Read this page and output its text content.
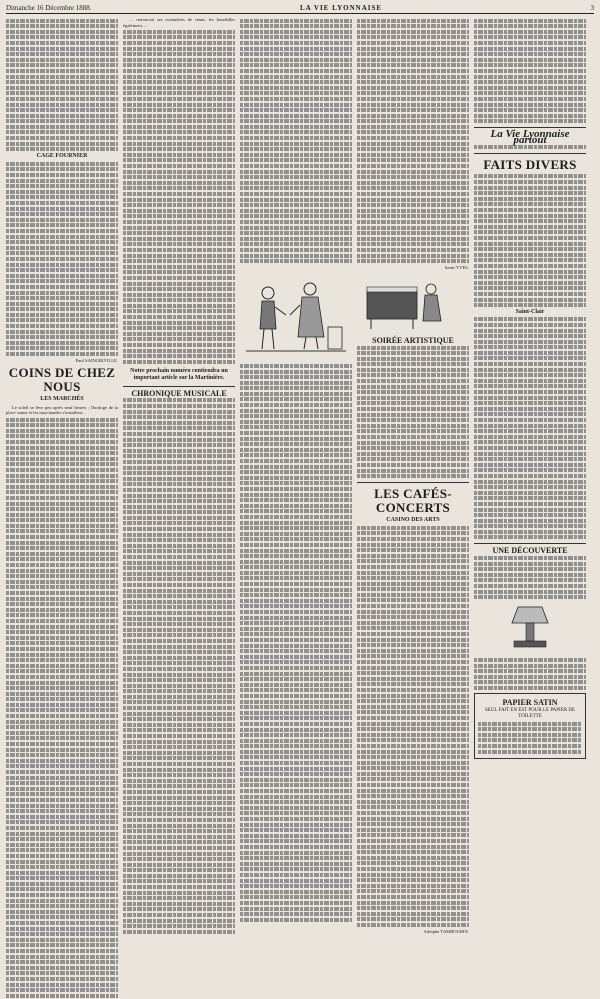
Dimanche 16 Décembre 1888.	LA VIE LYONNAISE	3
CAGE FOURNIER
Paul SAINGRIVILLE.
COINS DE CHEZ NOUS
LES MARCHÉS

Le soleil se lève peu après neuf heures ; l'horloge de la place sonne et les marchandes s'installent...

… retrouvait ses cuisinières de céans, les bourdilles également, ...

Notre prochain numéro contiendra un important article sur la Martinière.
CHRONIQUE MUSICALE
Saint-YVES.
SOIRÉE ARTISTIQUE
LES CAFÉS-CONCERTS
CASINO DES ARTS
Adolphe TAMBOURIN.
La Vie Lyonnaise partout
FAITS DIVERS
Saint-Clair
UNE DÉCOUVERTE
PAPIER SATIN
SEUL FAIT EN EST POUR LE PAPIER DE TOILETTE
